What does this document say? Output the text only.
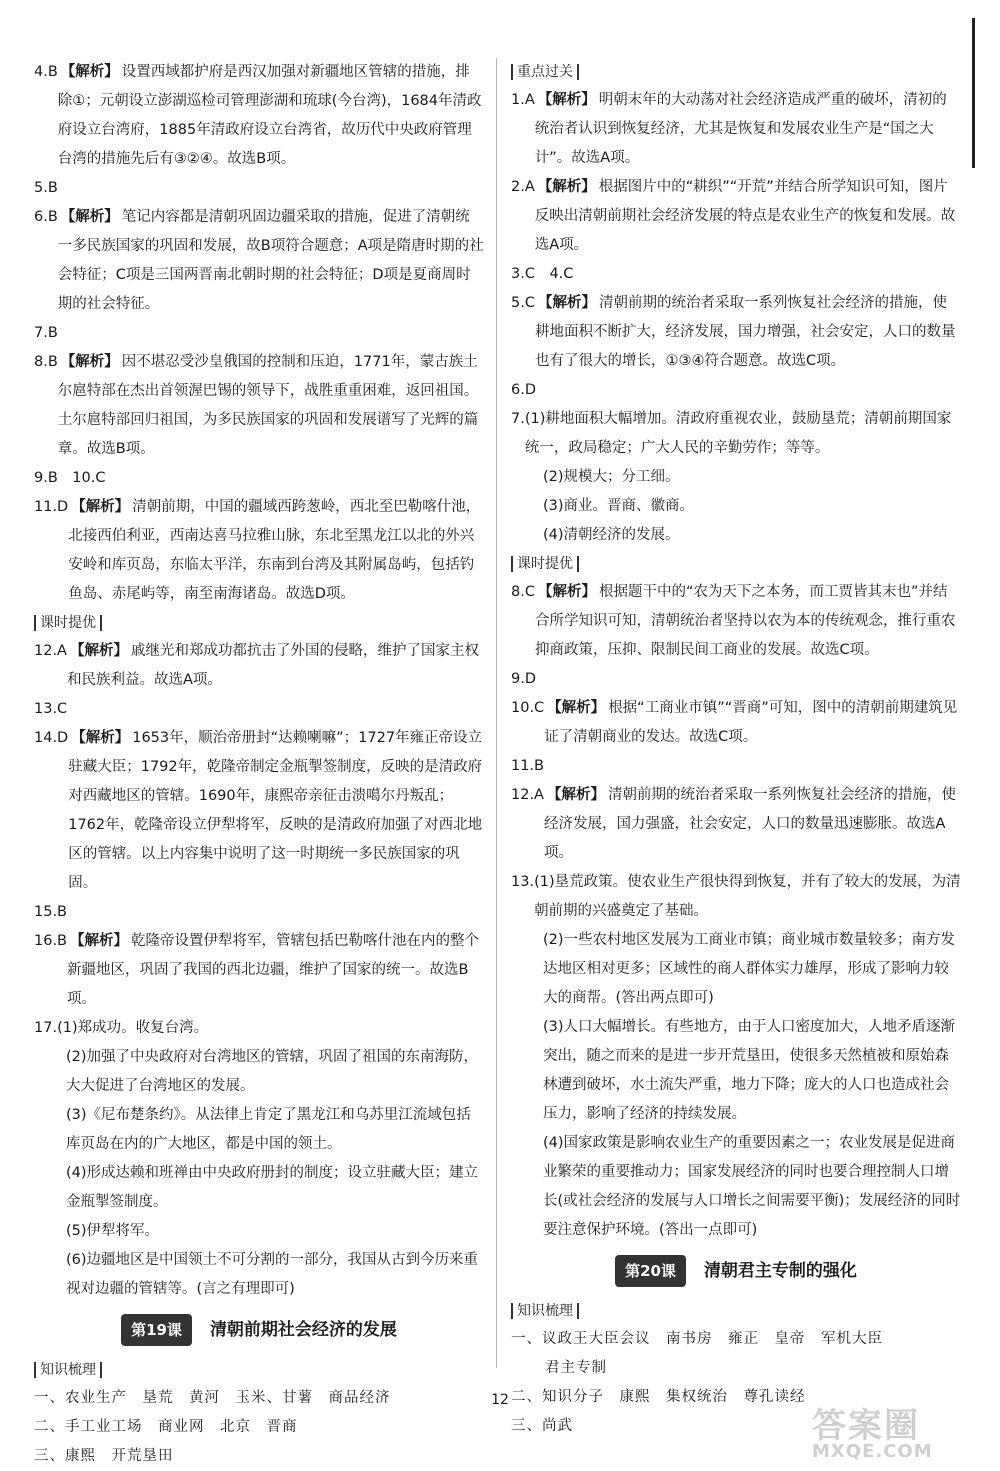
4.B 【解析】 设置西域都护府是西汉加强对新疆地区管辖的措施，排除①；元朝设立澎湖巡检司管理澎湖和琉球(今台湾)，1684年清政府设立台湾府，1885年清政府设立台湾省，故历代中央政府管理台湾的措施先后有③②④。故选B项。
5.B
6.B 【解析】 笔记内容都是清朝巩固边疆采取的措施，促进了清朝统一多民族国家的巩固和发展，故B项符合题意；A项是隋唐时期的社会特征；C项是三国两晋南北朝时期的社会特征；D项是夏商周时期的社会特征。
7.B
8.B 【解析】 因不堪忍受沙皇俄国的控制和压迫，1771年，蒙古族土尔扈特部在杰出首领渥巴锡的领导下，战胜重重困难，返回祖国。土尔扈特部回归祖国，为多民族国家的巩固和发展谱写了光辉的篇章。故选B项。
9.B　10.C
11.D 【解析】 清朝前期，中国的疆域西跨葱岭，西北至巴勒喀什池，北接西伯利亚，西南达喜马拉雅山脉，东北至黑龙江以北的外兴安岭和库页岛，东临太平洋，东南到台湾及其附属岛屿，包括钓鱼岛、赤尾屿等，南至南海诸岛。故选D项。
课时提优
12.A 【解析】 戚继光和郑成功都抗击了外国的侵略，维护了国家主权和民族利益。故选A项。
13.C
14.D 【解析】 1653年，顺治帝册封“达赖喇嘛”；1727年雍正帝设立驻藏大臣；1792年，乾隆帝制定金瓶掣签制度，反映的是清政府对西藏地区的管辖。1690年，康熙帝亲征击溃噶尔丹叛乱；1762年，乾隆帝设立伊犁将军，反映的是清政府加强了对西北地区的管辖。以上内容集中说明了这一时期统一多民族国家的巩固。
15.B
16.B 【解析】 乾隆帝设置伊犁将军，管辖包括巴勒喀什池在内的整个新疆地区，巩固了我国的西北边疆，维护了国家的统一。故选B项。
17. (1)郑成功。收复台湾。
(2)加强了中央政府对台湾地区的管辖，巩固了祖国的东南海防，大大促进了台湾地区的发展。
(3)《尼布楚条约》。从法律上肯定了黑龙江和乌苏里江流域包括库页岛在内的广大地区，都是中国的领土。
(4)形成达赖和班禅由中央政府册封的制度；设立驻藏大臣；建立金瓶掣签制度。
(5)伊犁将军。
(6)边疆地区是中国领土不可分割的一部分，我国从古到今历来重视对边疆的管辖等。(言之有理即可)
第19课	清朝前期社会经济的发展
知识梳理
一、农业生产　垦荒　黄河　玉米、甘薯　商品经济
二、手工业工场　商业网　北京　晋商
三、康熙　开荒垦田
重点过关
1.A 【解析】 明朝末年的大动荡对社会经济造成严重的破坏，清初的统治者认识到恢复经济，尤其是恢复和发展农业生产是“国之大计”。故选A项。
2.A 【解析】 根据图片中的“耕织”“开荒”并结合所学知识可知，图片反映出清朝前期社会经济发展的特点是农业生产的恢复和发展。故选A项。
3.C　4.C
5.C 【解析】 清朝前期的统治者采取一系列恢复社会经济的措施，使耕地面积不断扩大，经济发展，国力增强，社会安定，人口的数量也有了很大的增长，①③④符合题意。故选C项。
6.D
7. (1)耕地面积大幅增加。清政府重视农业，鼓励垦荒；清朝前期国家统一，政局稳定；广大人民的辛勤劳作；等等。
(2)规模大；分工细。
(3)商业。晋商、徽商。
(4)清朝经济的发展。
课时提优
8.C 【解析】 根据题干中的“农为天下之本务，而工贾皆其末也”并结合所学知识可知，清朝统治者坚持以农为本的传统观念，推行重农抑商政策，压抑、限制民间工商业的发展。故选C项。
9.D
10.C 【解析】 根据“工商业市镇”“晋商”可知，图中的清朝前期建筑见证了清朝商业的发达。故选C项。
11.B
12.A 【解析】 清朝前期的统治者采取一系列恢复社会经济的措施，使经济发展，国力强盛，社会安定，人口的数量迅速膨胀。故选A项。
13. (1)垦荒政策。使农业生产很快得到恢复，并有了较大的发展，为清朝前期的兴盛奠定了基础。
(2)一些农村地区发展为工商业市镇；商业城市数量较多；南方发达地区相对更多；区域性的商人群体实力雄厚，形成了影响力较大的商帮。(答出两点即可)
(3)人口大幅增长。有些地方，由于人口密度加大，人地矛盾逐渐突出，随之而来的是进一步开荒垦田，使很多天然植被和原始森林遭到破坏，水土流失严重，地力下降；庞大的人口也造成社会压力，影响了经济的持续发展。
(4)国家政策是影响农业生产的重要因素之一；农业发展是促进商业繁荣的重要推动力；国家发展经济的同时也要合理控制人口增长(或社会经济的发展与人口增长之间需要平衡)；发展经济的同时要注意保护环境。(答出一点即可)
第20课	清朝君主专制的强化
知识梳理
一、议政王大臣会议　南书房　雍正　皇帝　军机大臣
君主专制
二、知识分子　康熙　集权统治　尊孔读经
三、尚武
12
答案圈
MXQE.COM
